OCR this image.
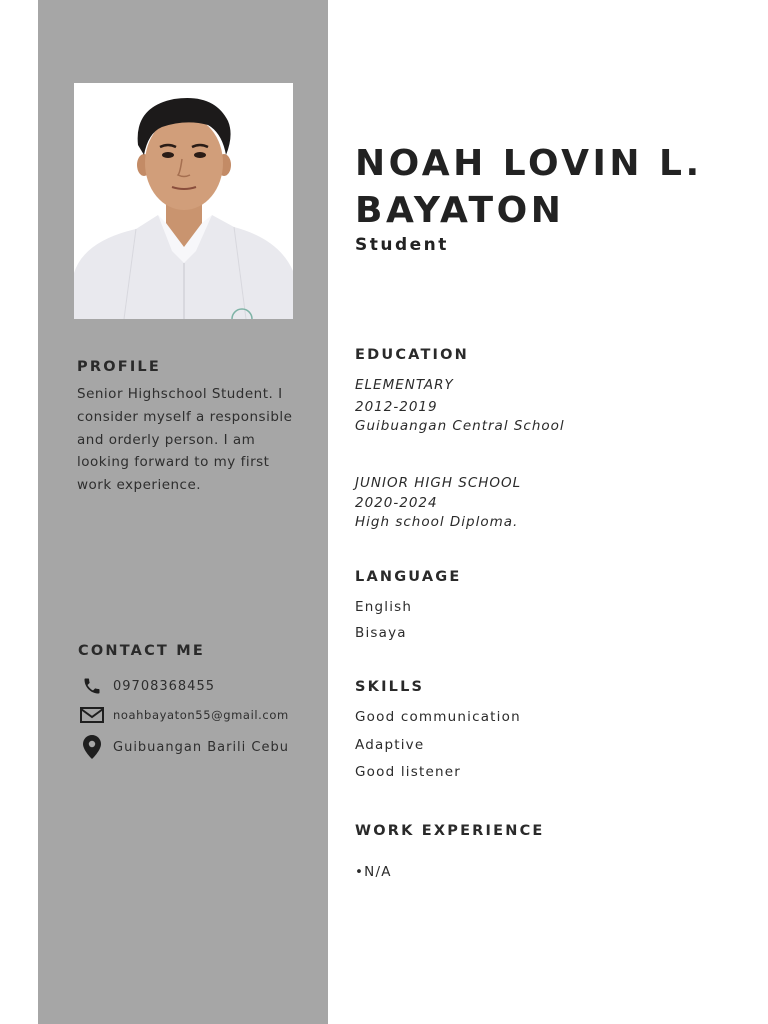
PROFILE
Senior Highschool Student. I consider myself a responsible and orderly person. I am looking forward to my first work experience.
CONTACT ME
09708368455
noahbayaton55@gmail.com
Guibuangan Barili Cebu
NOAH LOVIN L.
BAYATON
Student
EDUCATION
ELEMENTARY
2012-2019
Guibuangan Central School
JUNIOR HIGH SCHOOL
2020-2024
High school Diploma.
LANGUAGE
English
Bisaya
SKILLS
Good communication
Adaptive
Good listener
WORK EXPERIENCE
•N/A
